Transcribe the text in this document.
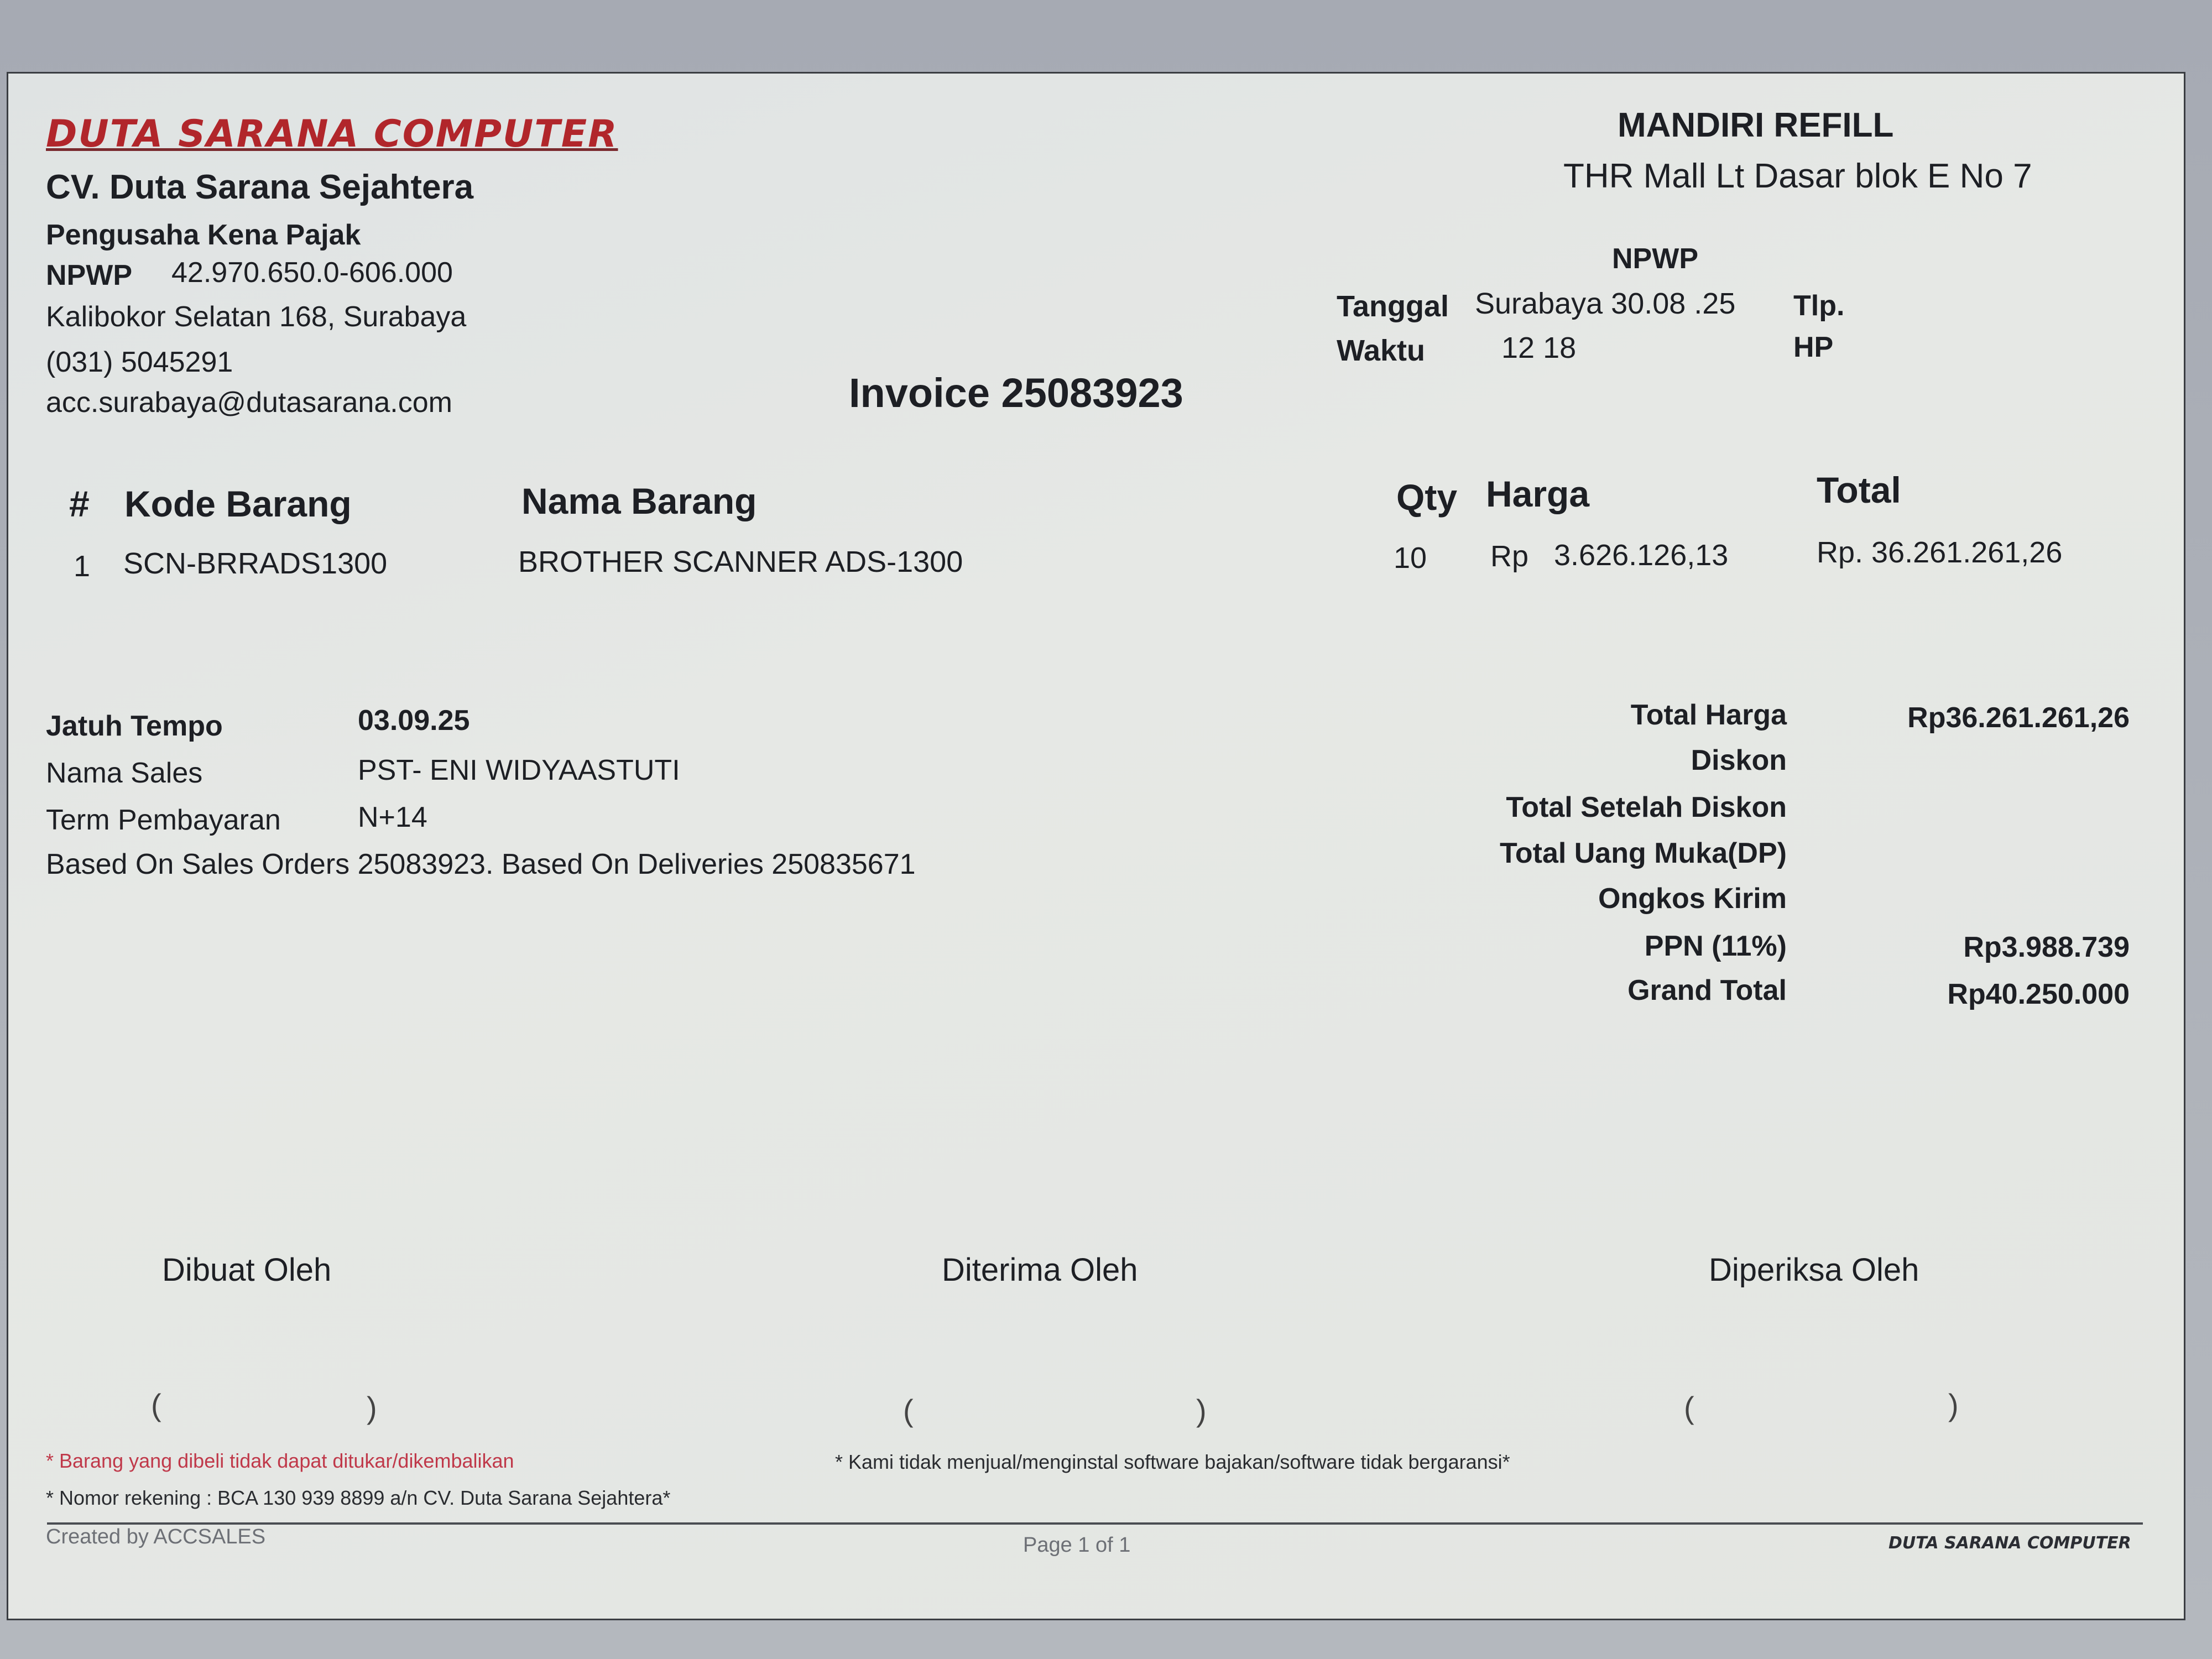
DUTA SARANA COMPUTER
CV. Duta Sarana Sejahtera
Pengusaha Kena Pajak
NPWP 42.970.650.0-606.000
Kalibokor Selatan 168, Surabaya
(031) 5045291
acc.surabaya@dutasarana.com
MANDIRI REFILL
THR Mall Lt Dasar blok E No 7
NPWP
Tanggal Surabaya 30.08 .25 Tlp.
Waktu	12 18	HP
Invoice 25083923
# Kode Barang	Nama Barang	Qty Harga	Total
1 SCN-BRRADS1300	BROTHER SCANNER ADS-1300	10 Rp 3.626.126,13	Rp. 36.261.261,26
Jatuh Tempo	03.09.25
Nama Sales	PST- ENI WIDYAASTUTI
Term Pembayaran	N+14
Based On Sales Orders 25083923. Based On Deliveries 250835671
Total Harga	Rp36.261.261,26
Diskon
Total Setelah Diskon
Total Uang Muka(DP)
Ongkos Kirim
PPN (11%)	Rp3.988.739
Grand Total	Rp40.250.000
Dibuat Oleh	Diterima Oleh	Diperiksa Oleh
(	)	(	)	(	)
* Barang yang dibeli tidak dapat ditukar/dikembalikan	* Kami tidak menjual/menginstal software bajakan/software tidak bergaransi*
* Nomor rekening : BCA 130 939 8899 a/n CV. Duta Sarana Sejahtera*
Created by ACCSALES	Page 1 of 1	DUTA SARANA COMPUTER
